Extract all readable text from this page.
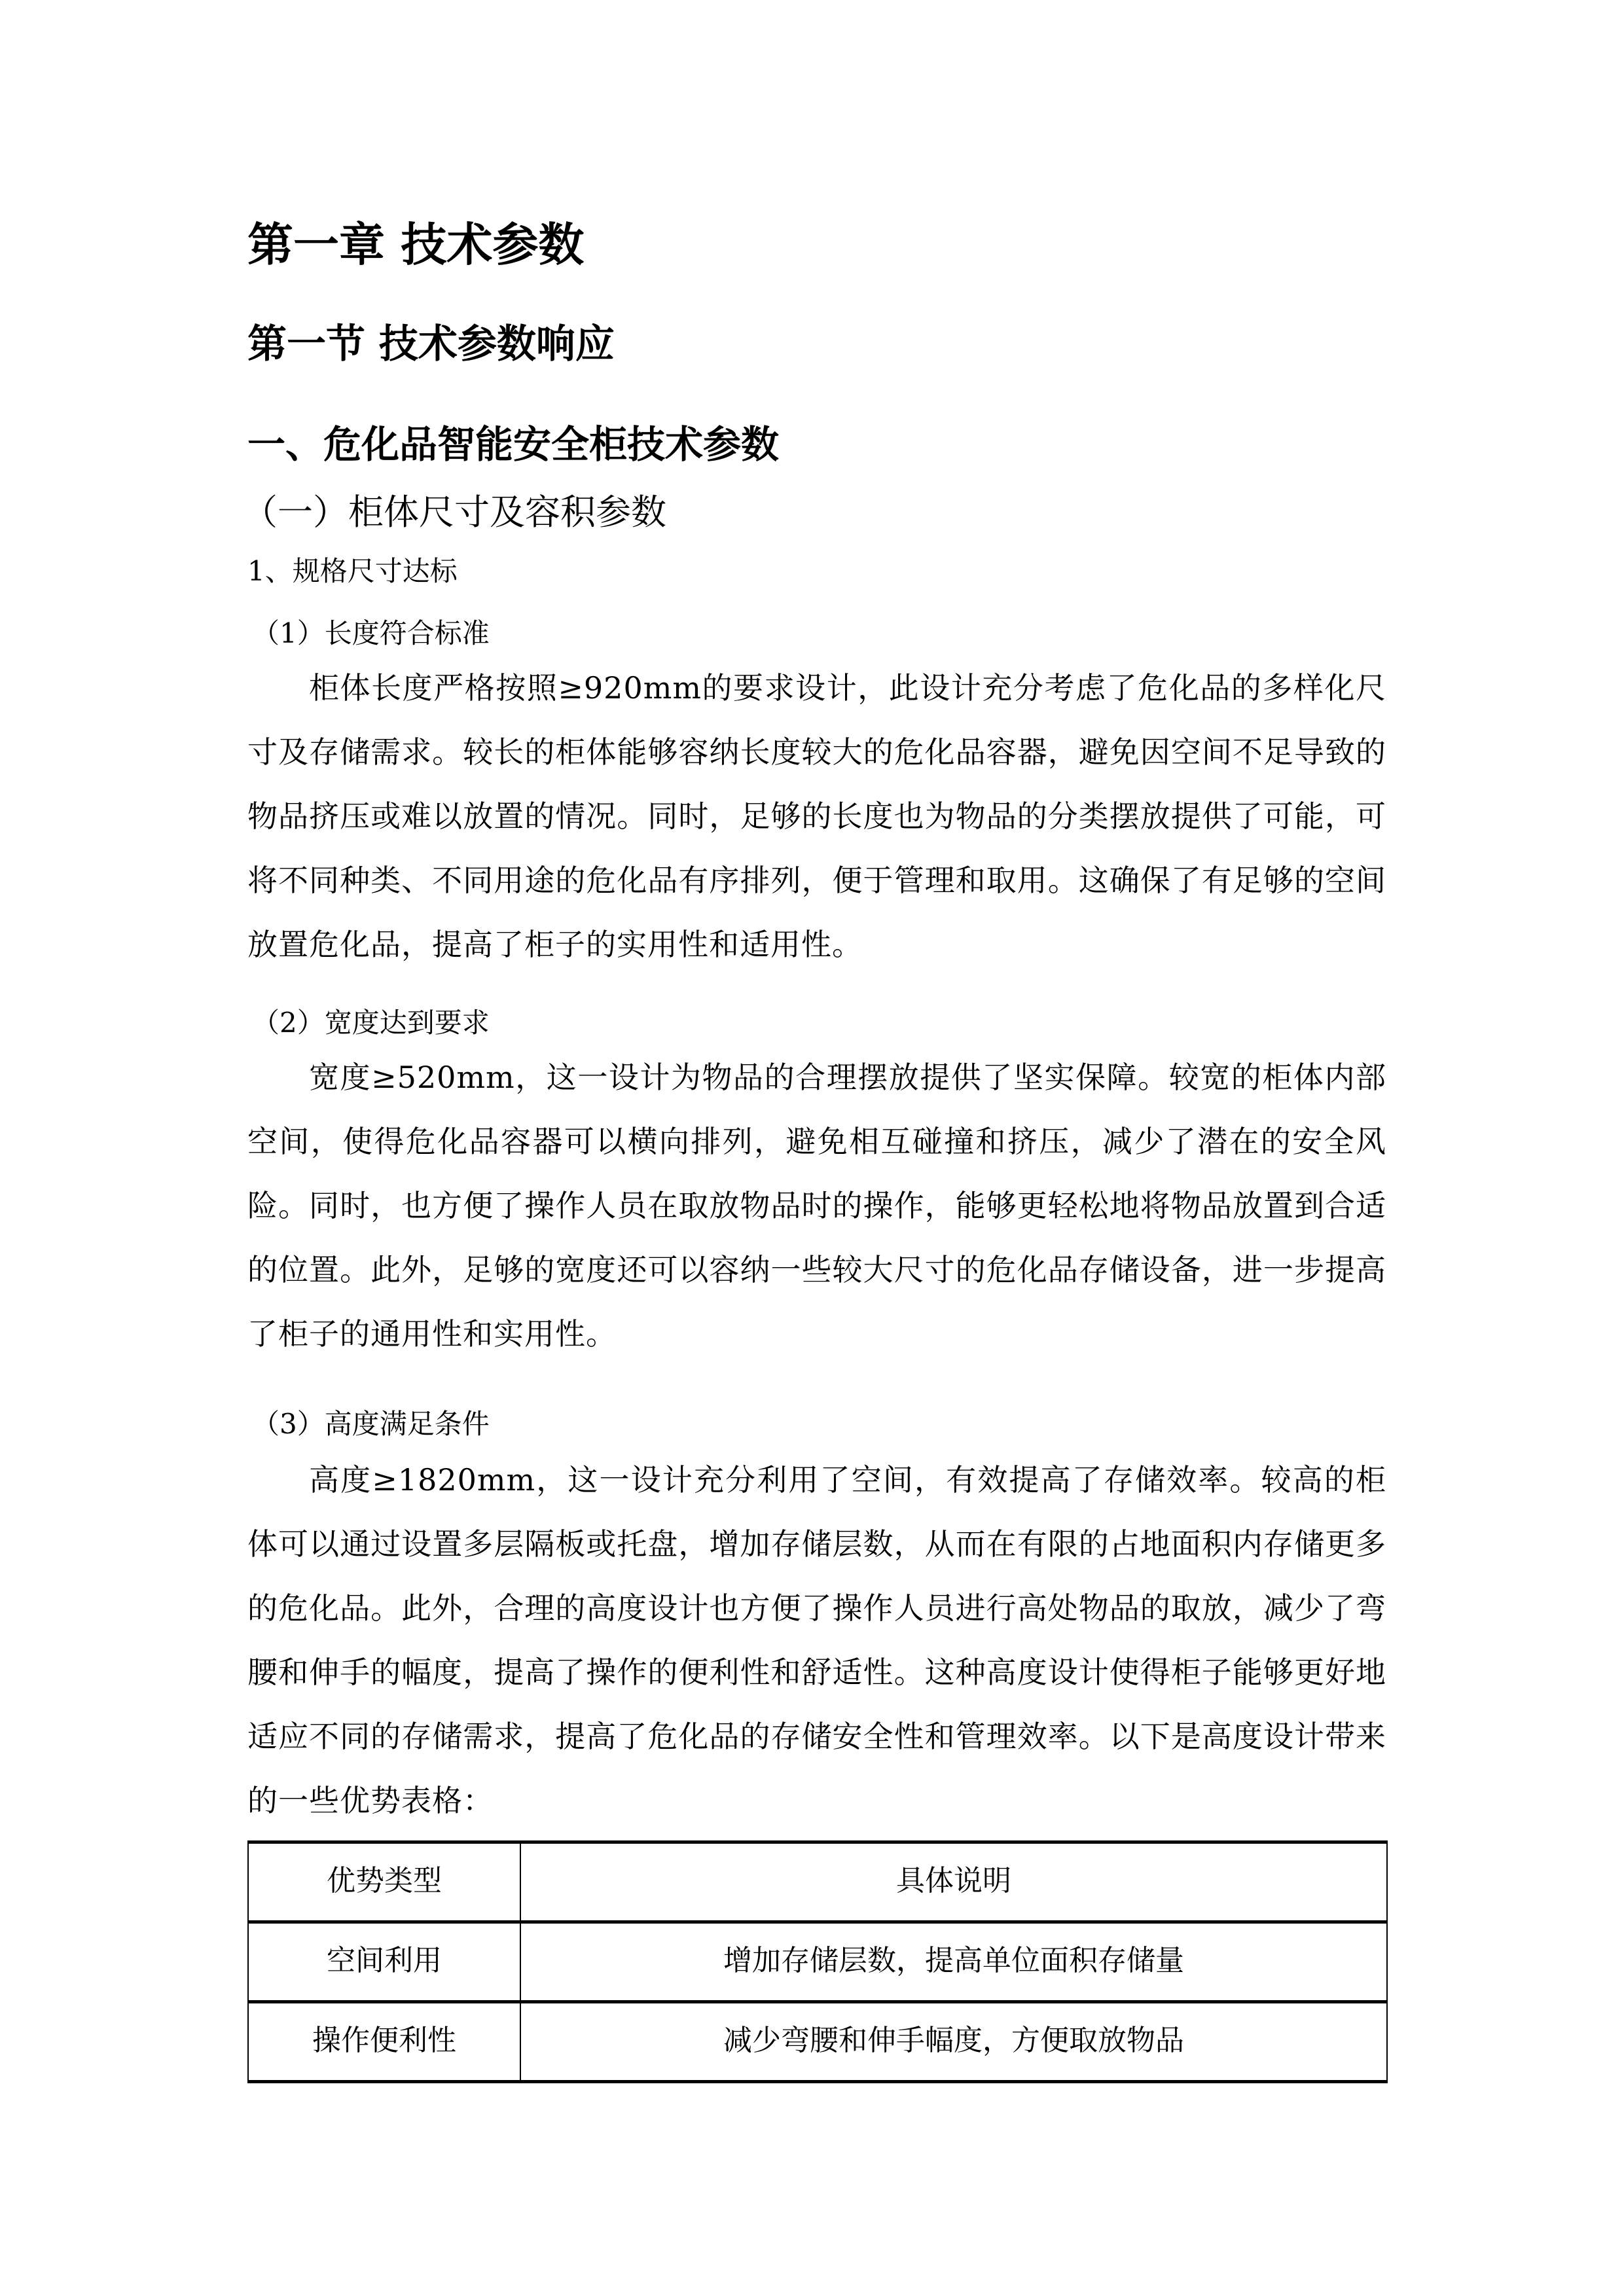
第一章 技术参数
第一节 技术参数响应
一、危化品智能安全柜技术参数
（一）柜体尺寸及容积参数
1、规格尺寸达标
（1）长度符合标准
柜体长度严格按照≥920mm的要求设计，此设计充分考虑了危化品的多样化尺寸及存储需求。较长的柜体能够容纳长度较大的危化品容器，避免因空间不足导致的物品挤压或难以放置的情况。同时，足够的长度也为物品的分类摆放提供了可能，可将不同种类、不同用途的危化品有序排列，便于管理和取用。这确保了有足够的空间放置危化品，提高了柜子的实用性和适用性。
（2）宽度达到要求
宽度≥520mm，这一设计为物品的合理摆放提供了坚实保障。较宽的柜体内部空间，使得危化品容器可以横向排列，避免相互碰撞和挤压，减少了潜在的安全风险。同时，也方便了操作人员在取放物品时的操作，能够更轻松地将物品放置到合适的位置。此外，足够的宽度还可以容纳一些较大尺寸的危化品存储设备，进一步提高了柜子的通用性和实用性。
（3）高度满足条件
高度≥1820mm，这一设计充分利用了空间，有效提高了存储效率。较高的柜体可以通过设置多层隔板或托盘，增加存储层数，从而在有限的占地面积内存储更多的危化品。此外，合理的高度设计也方便了操作人员进行高处物品的取放，减少了弯腰和伸手的幅度，提高了操作的便利性和舒适性。这种高度设计使得柜子能够更好地适应不同的存储需求，提高了危化品的存储安全性和管理效率。以下是高度设计带来的一些优势表格：
优势类型	具体说明
空间利用	增加存储层数，提高单位面积存储量
操作便利性	减少弯腰和伸手幅度，方便取放物品
